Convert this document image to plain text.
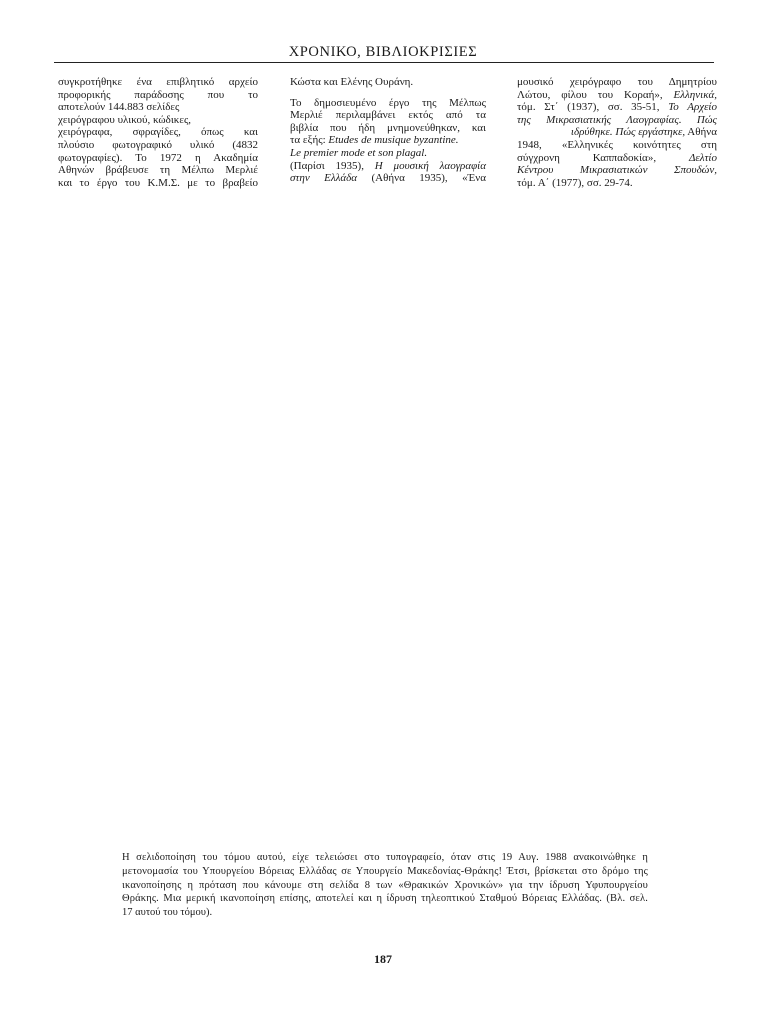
ΧΡΟΝΙΚΟ, ΒΙΒΛΙΟΚΡΙΣΙΕΣ

συγκροτήθηκε ένα επιβλητικό αρχείο
προφορικής παράδοσης που το
αποτελούν 144.883 σελίδες
χειρόγραφου υλικού, κώδικες,
χειρόγραφα, σφραγίδες, όπως και
πλούσιο φωτογραφικό υλικό (4832
φωτογραφίες). Το 1972 η Ακαδημία
Αθηνών βράβευσε τη Μέλπω Μερλιέ
και το έργο του Κ.Μ.Σ. με το βραβείο

Κώστα και Ελένης Ουράνη.

Το δημοσιευμένο έργο της Μέλπως
Μερλιέ περιλαμβάνει εκτός από τα
βιβλία που ήδη μνημονεύθηκαν, και
τα εξής: Etudes de musique byzantine.
Le premier mode et son plagal.
(Παρίσι 1935), Η μουσική λαογραφία
στην Ελλάδα (Αθήνα 1935), «Ένα

μουσικό χειρόγραφο του Δημητρίου
Λώτου, φίλου του Κοραή», Ελληνικά,
τόμ. Στ΄ (1937), σσ. 35-51, Το Αρχείο
της Μικρασιατικής Λαογραφίας. Πώς
ιδρύθηκε. Πώς εργάστηκε, Αθήνα
1948, «Ελληνικές κοινότητες στη
σύγχρονη Καππαδοκία», Δελτίο
Κέντρου Μικρασιατικών Σπουδών,
τόμ. Α΄ (1977), σσ. 29-74.

Η σελιδοποίηση του τόμου αυτού, είχε τελειώσει στο τυπογραφείο, όταν στις 19 Αυγ. 1988 ανακοινώθηκε η
μετονομασία του Υπουργείου Βόρειας Ελλάδας σε Υπουργείο Μακεδονίας-Θράκης! Έτσι, βρίσκεται στο δρόμο της
ικανοποίησης η πρόταση που κάνουμε στη σελίδα 8 των «Θρακικών Χρονικών» για την ίδρυση Υφυπουργείου
Θράκης. Μια μερική ικανοποίηση επίσης, αποτελεί και η ίδρυση τηλεοπτικού Σταθμού Βόρειας Ελλάδας. (Βλ. σελ.
17 αυτού του τόμου).
187
